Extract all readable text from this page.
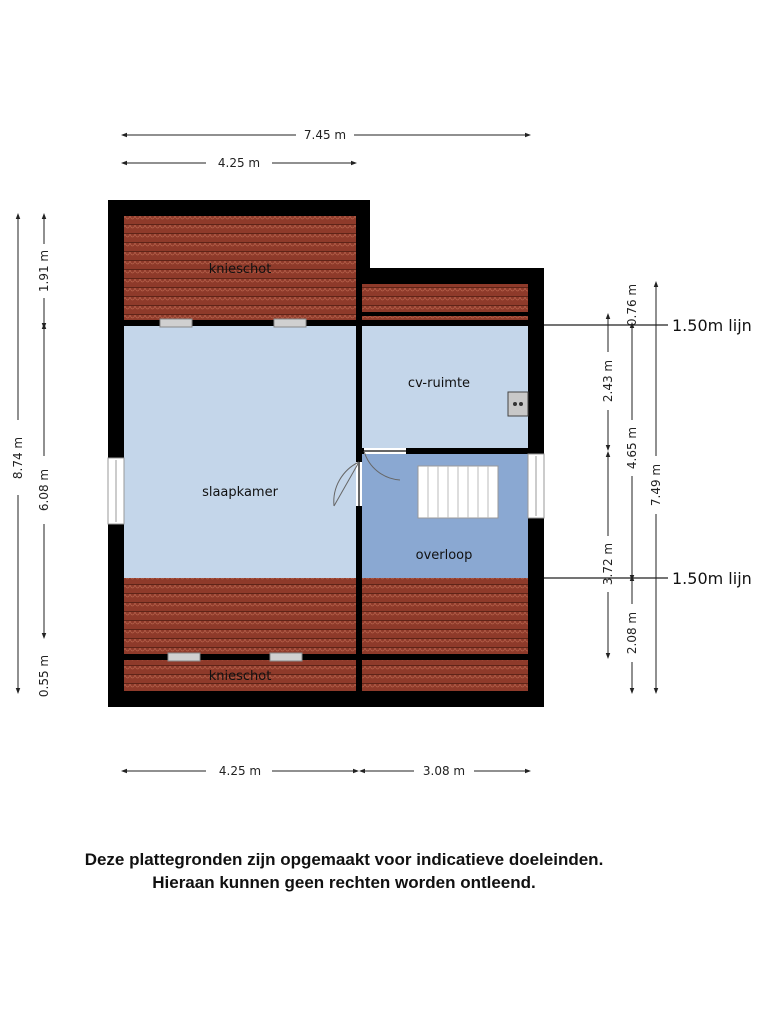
knieschot
cv-ruimte
slaapkamer
overloop
knieschot
7.45 m
4.25 m
4.25 m	3.08 m
8.74 m
1.91 m
6.08 m
0.55 m
1.50m lijn
1.50m lijn
0.76 m
2.43 m
3.72 m
4.65 m
2.08 m
7.49 m
Deze plattegronden zijn opgemaakt voor indicatieve doeleinden.
Hieraan kunnen geen rechten worden ontleend.
